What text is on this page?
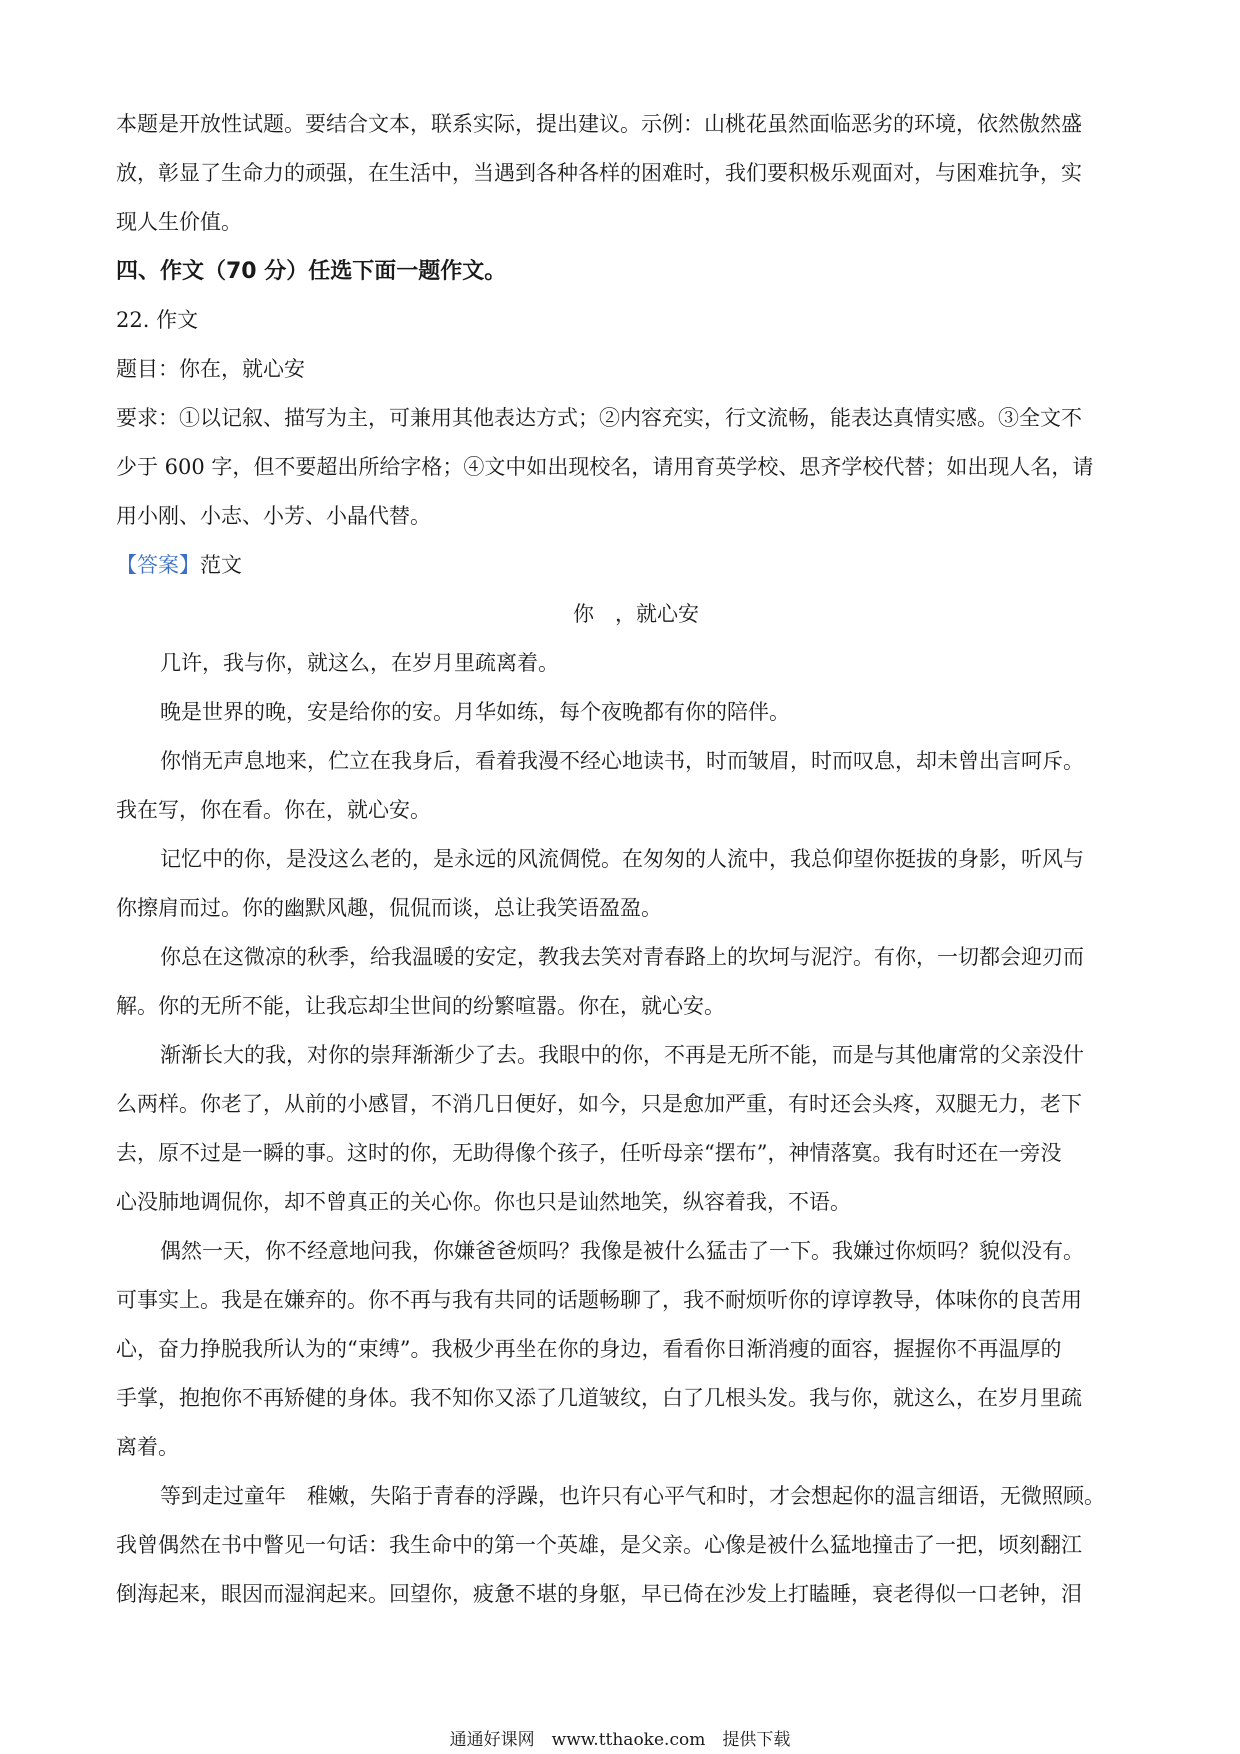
本题是开放性试题。要结合文本，联系实际，提出建议。示例：山桃花虽然面临恶劣的环境，依然傲然盛

放，彰显了生命力的顽强，在生活中，当遇到各种各样的困难时，我们要积极乐观面对，与困难抗争，实

现人生价值。

四、作文（70 分）任选下面一题作文。

22. 作文

题目：你在，就心安

要求：①以记叙、描写为主，可兼用其他表达方式；②内容充实，行文流畅，能表达真情实感。③全文不

少于 600 字，但不要超出所给字格；④文中如出现校名，请用育英学校、思齐学校代替；如出现人名，请

用小刚、小志、小芳、小晶代替。

【答案】范文

你　，就心安

几许，我与你，就这么，在岁月里疏离着。

晚是世界的晚，安是给你的安。月华如练，每个夜晚都有你的陪伴。

你悄无声息地来，伫立在我身后，看着我漫不经心地读书，时而皱眉，时而叹息，却未曾出言呵斥。

我在写，你在看。你在，就心安。

记忆中的你，是没这么老的，是永远的风流倜傥。在匆匆的人流中，我总仰望你挺拔的身影，听风与

你擦肩而过。你的幽默风趣，侃侃而谈，总让我笑语盈盈。

你总在这微凉的秋季，给我温暖的安定，教我去笑对青春路上的坎坷与泥泞。有你，一切都会迎刃而

解。你的无所不能，让我忘却尘世间的纷繁喧嚣。你在，就心安。

渐渐长大的我，对你的崇拜渐渐少了去。我眼中的你，不再是无所不能，而是与其他庸常的父亲没什

么两样。你老了，从前的小感冒，不消几日便好，如今，只是愈加严重，有时还会头疼，双腿无力，老下

去，原不过是一瞬的事。这时的你，无助得像个孩子，任听母亲“摆布”，神情落寞。我有时还在一旁没

心没肺地调侃你，却不曾真正的关心你。你也只是讪然地笑，纵容着我，不语。

偶然一天，你不经意地问我，你嫌爸爸烦吗？我像是被什么猛击了一下。我嫌过你烦吗？貌似没有。

可事实上。我是在嫌弃的。你不再与我有共同的话题畅聊了，我不耐烦听你的谆谆教导，体味你的良苦用

心，奋力挣脱我所认为的“束缚”。我极少再坐在你的身边，看看你日渐消瘦的面容，握握你不再温厚的

手掌，抱抱你不再矫健的身体。我不知你又添了几道皱纹，白了几根头发。我与你，就这么，在岁月里疏

离着。

等到走过童年　稚嫩，失陷于青春的浮躁，也许只有心平气和时，才会想起你的温言细语，无微照顾。

我曾偶然在书中瞥见一句话：我生命中的第一个英雄，是父亲。心像是被什么猛地撞击了一把，顷刻翻江

倒海起来，眼因而湿润起来。回望你，疲惫不堪的身躯，早已倚在沙发上打瞌睡，衰老得似一口老钟，泪

通通好课网　www.tthaoke.com　提供下载
